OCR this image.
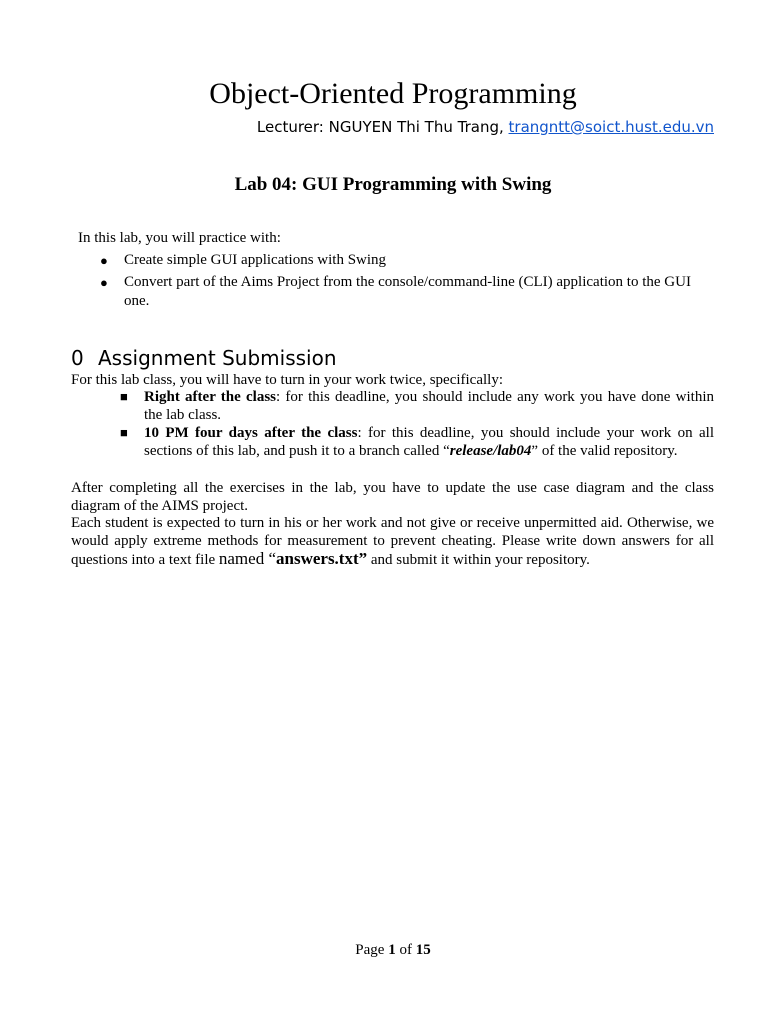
Object-Oriented Programming
Lecturer: NGUYEN Thi Thu Trang, trangntt@soict.hust.edu.vn
Lab 04: GUI Programming with Swing
In this lab, you will practice with:
● Create simple GUI applications with Swing
● Convert part of the Aims Project from the console/command-line (CLI) application to the GUI one.
0 Assignment Submission
For this lab class, you will have to turn in your work twice, specifically:
■ Right after the class: for this deadline, you should include any work you have done within the lab class.
■ 10 PM four days after the class: for this deadline, you should include your work on all sections of this lab, and push it to a branch called “release/lab04” of the valid repository.
After completing all the exercises in the lab, you have to update the use case diagram and the class diagram of the AIMS project.
Each student is expected to turn in his or her work and not give or receive unpermitted aid. Otherwise, we would apply extreme methods for measurement to prevent cheating. Please write down answers for all questions into a text file named “answers.txt” and submit it within your repository.
Page 1 of 15
